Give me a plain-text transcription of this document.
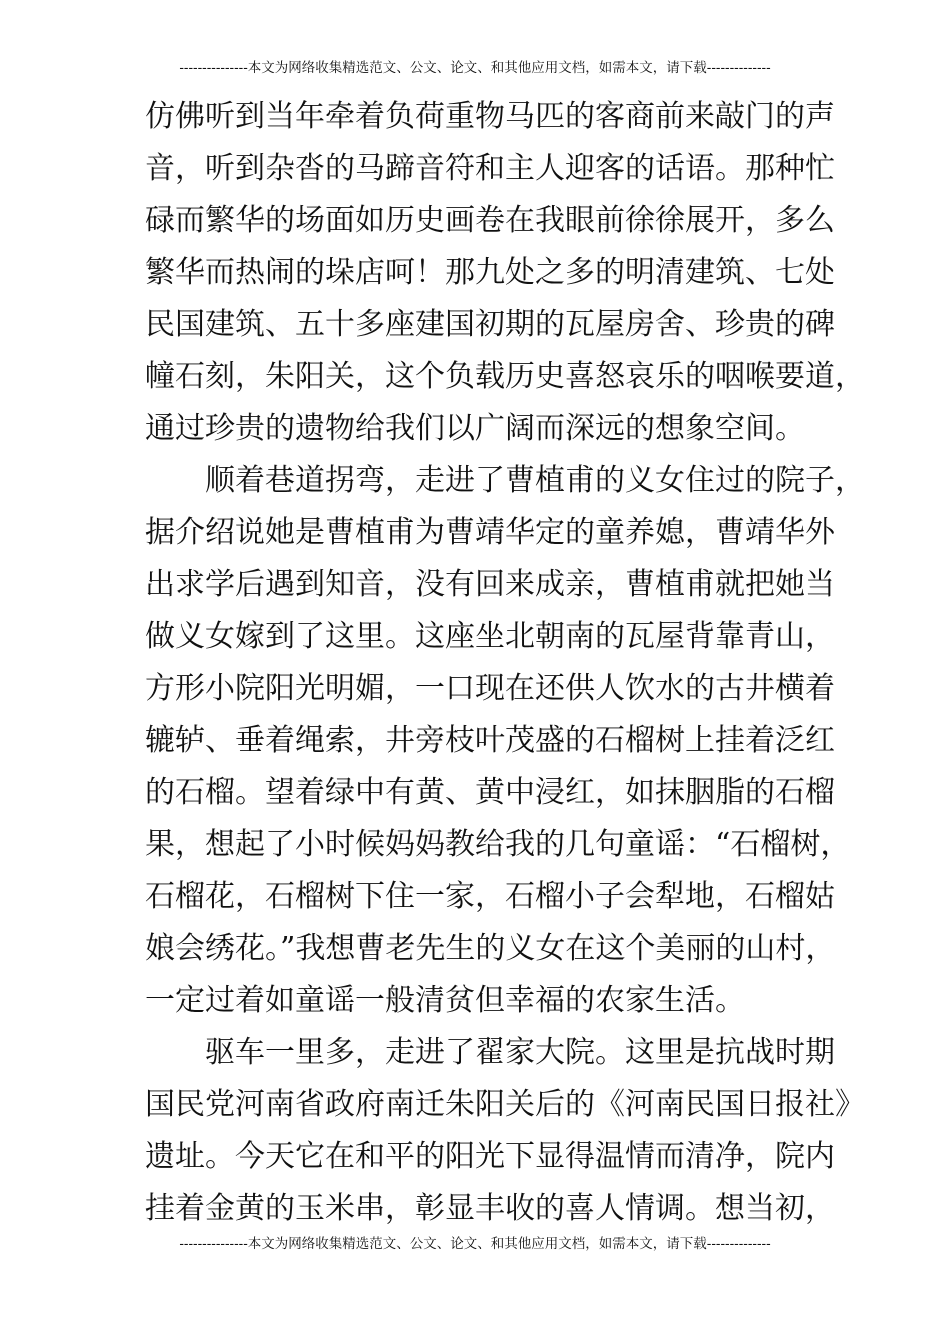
---------------本文为网络收集精选范文、公文、论文、和其他应用文档，如需本文，请下载--------------
仿佛听到当年牵着负荷重物马匹的客商前来敲门的声
音，听到杂沓的马蹄音符和主人迎客的话语。那种忙
碌而繁华的场面如历史画卷在我眼前徐徐展开，多么
繁华而热闹的垛店呵！那九处之多的明清建筑、七处
民国建筑、五十多座建国初期的瓦屋房舍、珍贵的碑
幢石刻，朱阳关，这个负载历史喜怒哀乐的咽喉要道，
通过珍贵的遗物给我们以广阔而深远的想象空间。
顺着巷道拐弯，走进了曹植甫的义女住过的院子，
据介绍说她是曹植甫为曹靖华定的童养媳，曹靖华外
出求学后遇到知音，没有回来成亲，曹植甫就把她当
做义女嫁到了这里。这座坐北朝南的瓦屋背靠青山，
方形小院阳光明媚，一口现在还供人饮水的古井横着
辘轳、垂着绳索，井旁枝叶茂盛的石榴树上挂着泛红
的石榴。望着绿中有黄、黄中浸红，如抹胭脂的石榴
果，想起了小时候妈妈教给我的几句童谣：“石榴树，
石榴花，石榴树下住一家，石榴小子会犁地，石榴姑
娘会绣花。”我想曹老先生的义女在这个美丽的山村，
一定过着如童谣一般清贫但幸福的农家生活。
驱车一里多，走进了翟家大院。这里是抗战时期
国民党河南省政府南迁朱阳关后的《河南民国日报社》
遗址。今天它在和平的阳光下显得温情而清净，院内
挂着金黄的玉米串，彰显丰收的喜人情调。想当初，
---------------本文为网络收集精选范文、公文、论文、和其他应用文档，如需本文，请下载--------------
